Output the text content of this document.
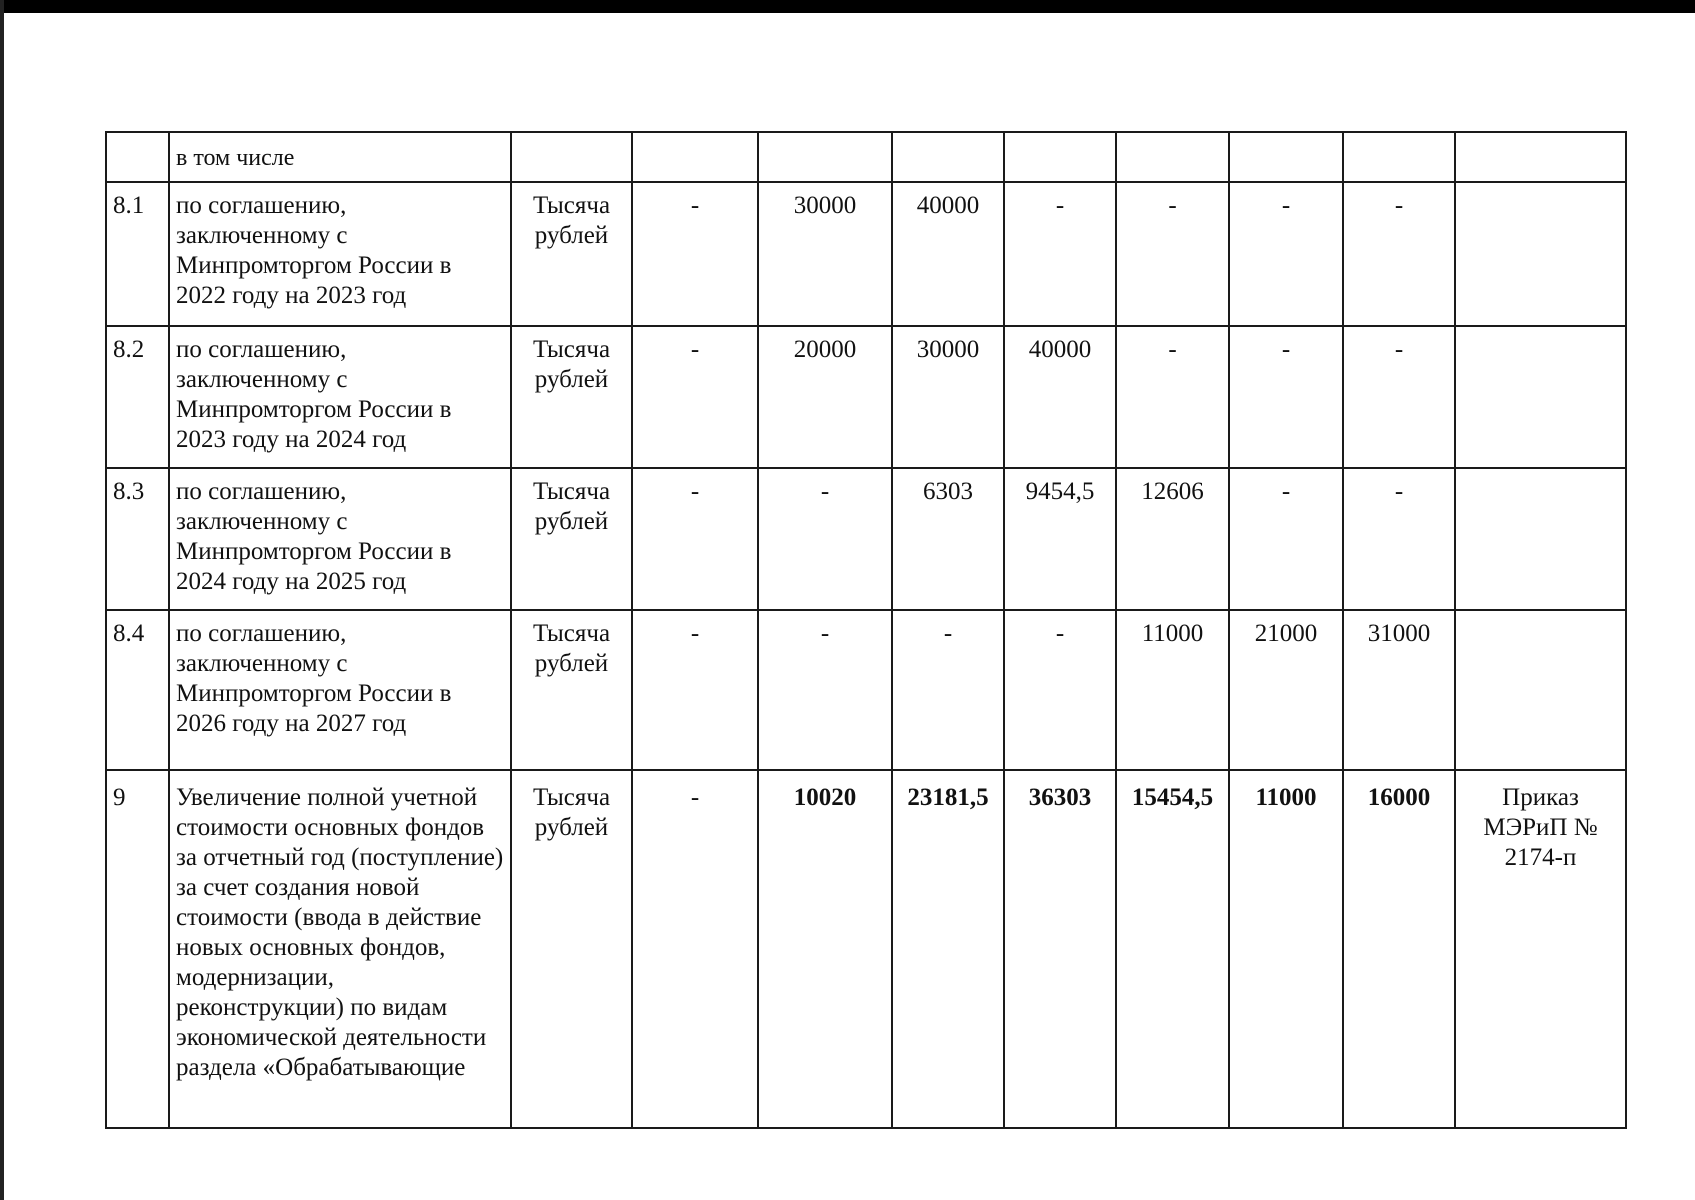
	в том числе									
8.1	по соглашению, заключенному с Минпромторгом России в 2022 году на 2023 год	Тысяча рублей	-	30000	40000	-	-	-	-	
8.2	по соглашению, заключенному с Минпромторгом России в 2023 году на 2024 год	Тысяча рублей	-	20000	30000	40000	-	-	-	
8.3	по соглашению, заключенному с Минпромторгом России в 2024 году на 2025 год	Тысяча рублей	-	-	6303	9454,5	12606	-	-	
8.4	по соглашению, заключенному с Минпромторгом России в 2026 году на 2027 год	Тысяча рублей	-	-	-	-	11000	21000	31000	
9	Увеличение полной учетной стоимости основных фондов за отчетный год (поступление) за счет создания новой стоимости (ввода в действие новых основных фондов, модернизации, реконструкции) по видам экономической деятельности раздела «Обрабатывающие	Тысяча рублей	-	10020	23181,5	36303	15454,5	11000	16000	Приказ МЭРиП № 2174-п
